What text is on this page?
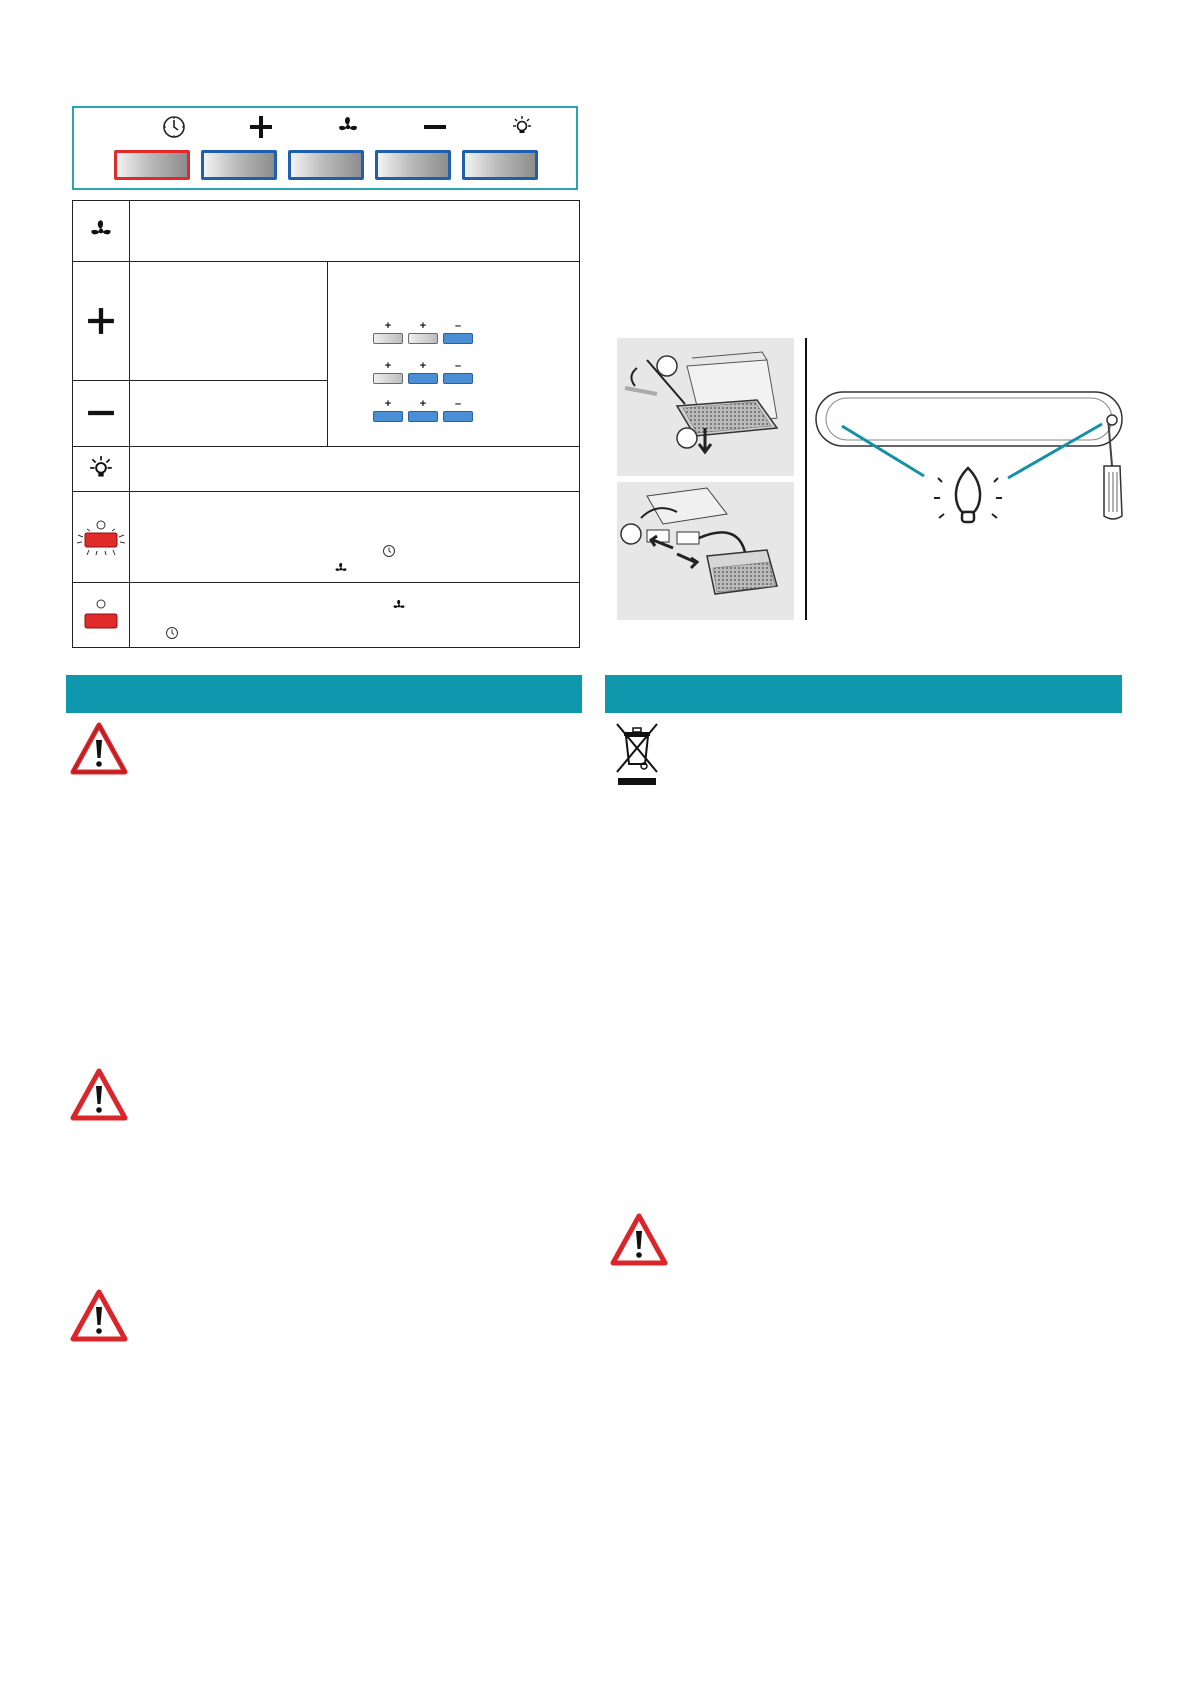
+	+	–
+	+	–
+	+	–
